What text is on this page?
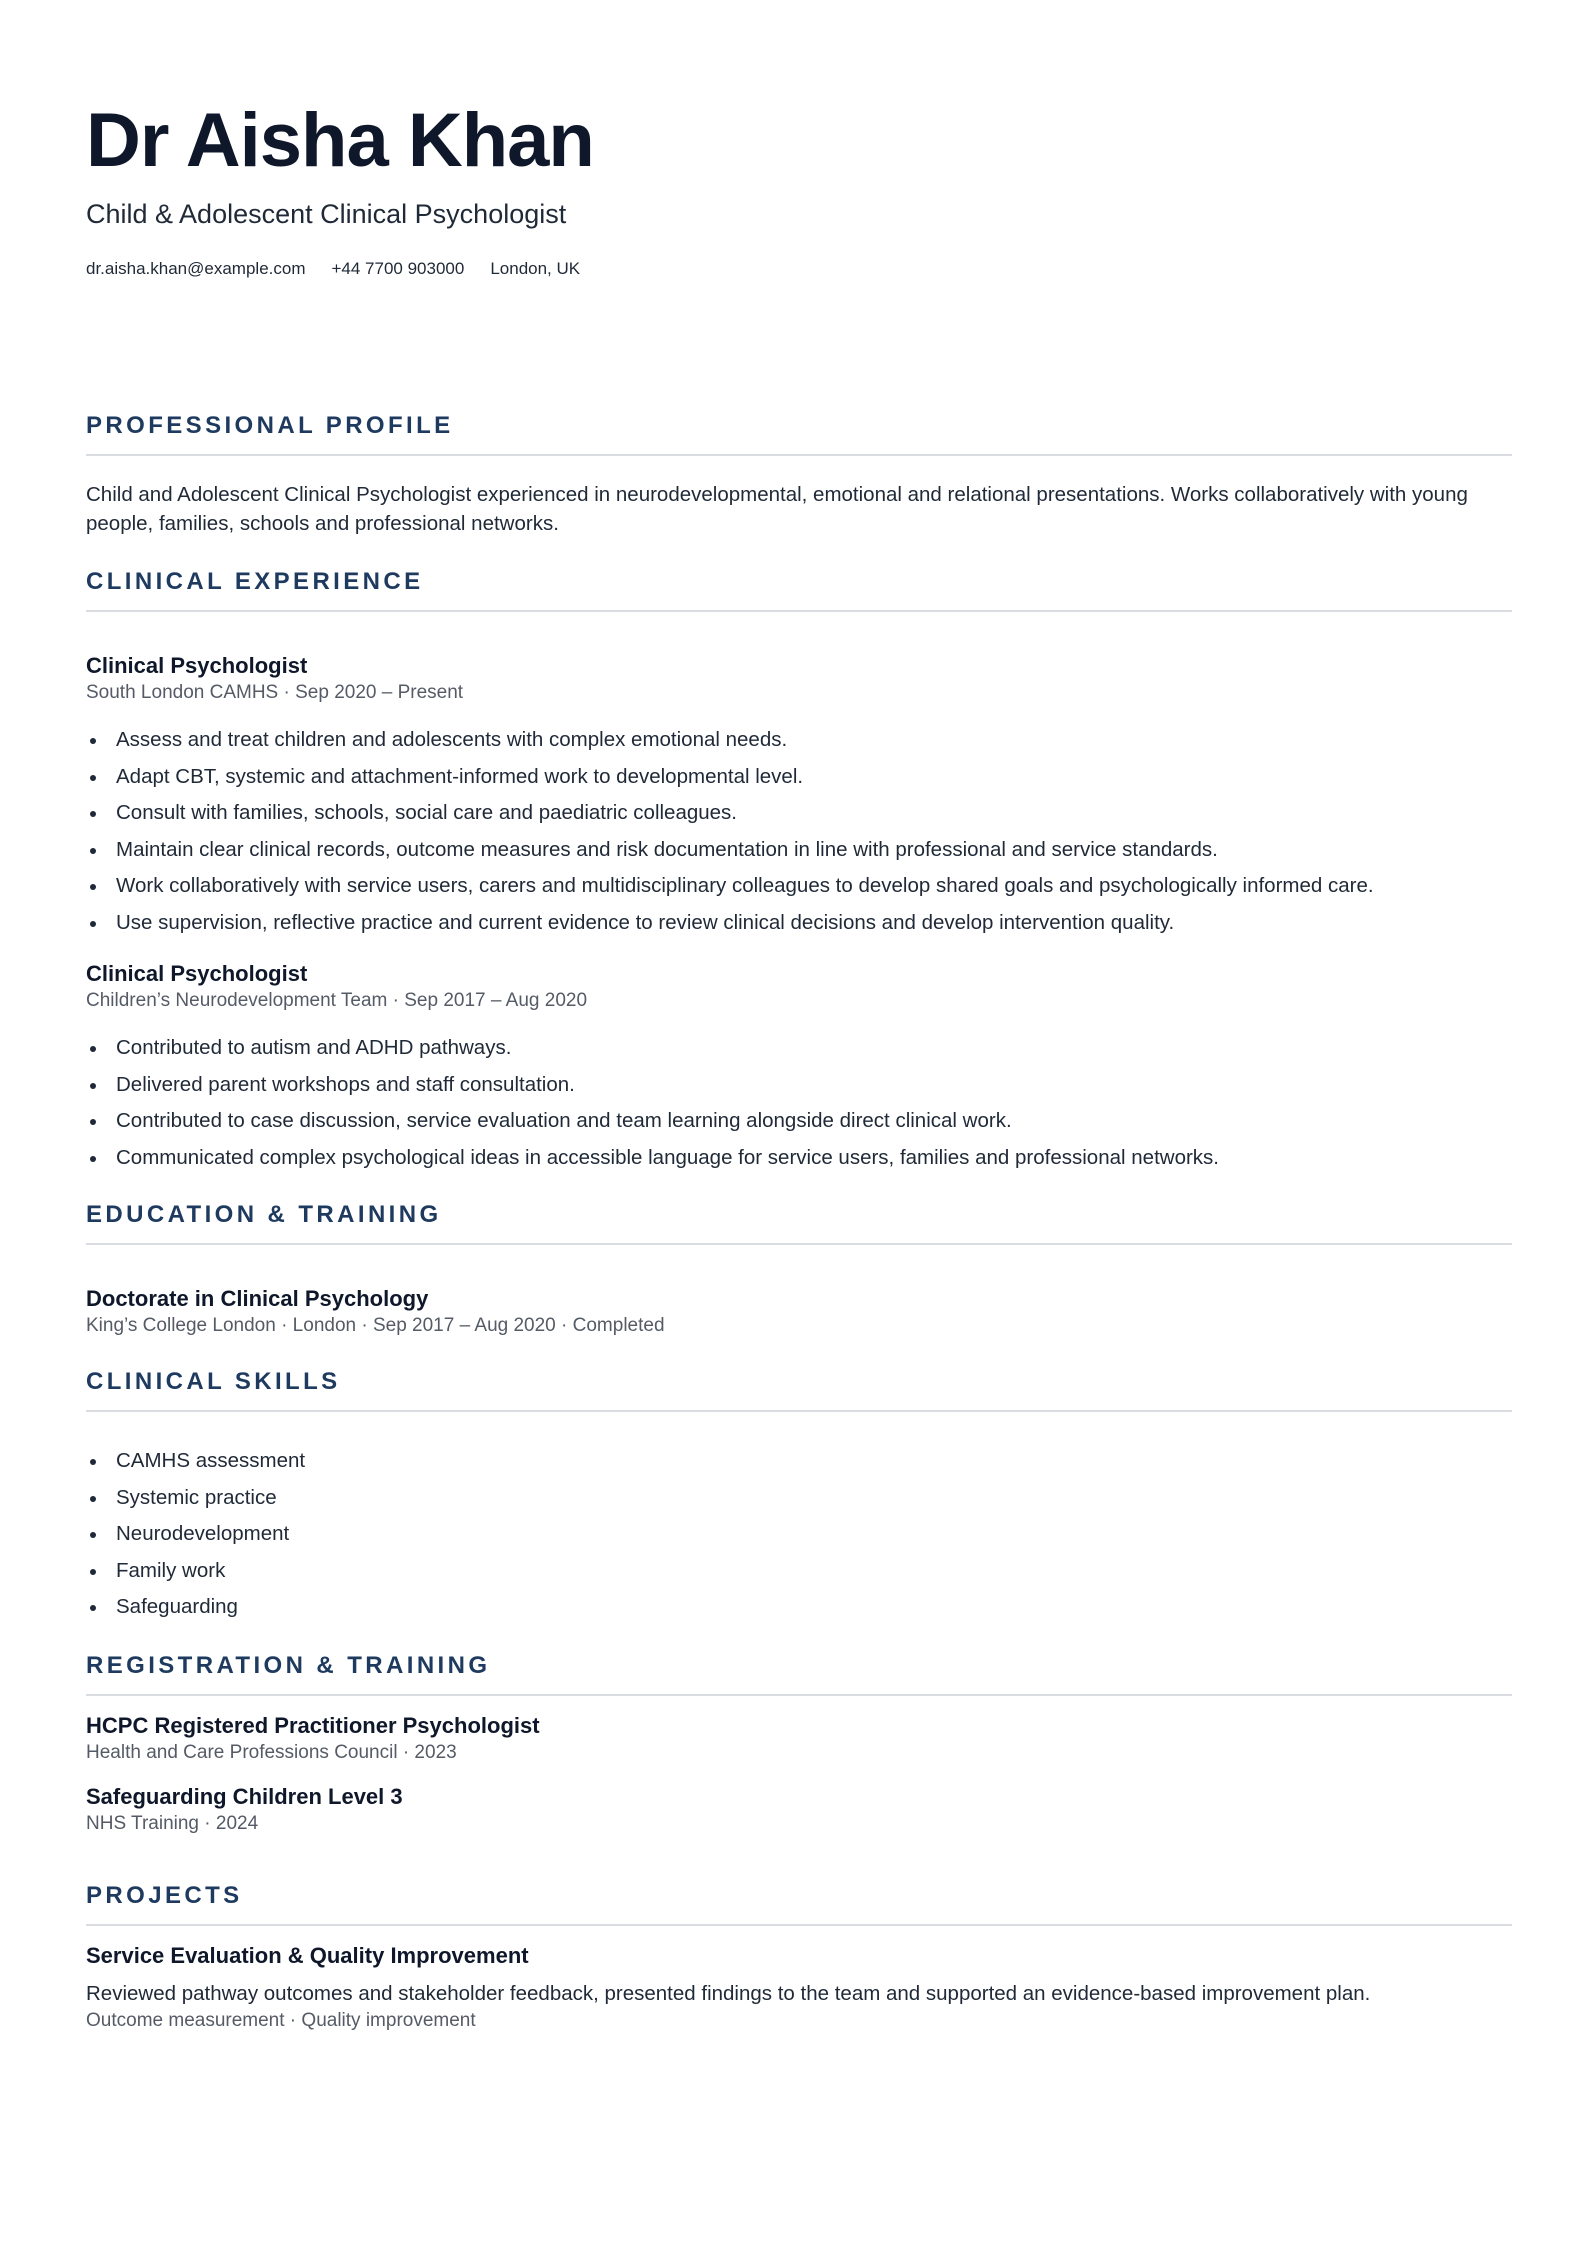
Dr Aisha Khan
Child & Adolescent Clinical Psychologist
dr.aisha.khan@example.com +44 7700 903000 London, UK
PROFESSIONAL PROFILE
Child and Adolescent Clinical Psychologist experienced in neurodevelopmental, emotional and relational presentations. Works collaboratively with young people, families, schools and professional networks.
CLINICAL EXPERIENCE
Clinical Psychologist
South London CAMHS · Sep 2020 – Present
Assess and treat children and adolescents with complex emotional needs.
Adapt CBT, systemic and attachment-informed work to developmental level.
Consult with families, schools, social care and paediatric colleagues.
Maintain clear clinical records, outcome measures and risk documentation in line with professional and service standards.
Work collaboratively with service users, carers and multidisciplinary colleagues to develop shared goals and psychologically informed care.
Use supervision, reflective practice and current evidence to review clinical decisions and develop intervention quality.
Clinical Psychologist
Children’s Neurodevelopment Team · Sep 2017 – Aug 2020
Contributed to autism and ADHD pathways.
Delivered parent workshops and staff consultation.
Contributed to case discussion, service evaluation and team learning alongside direct clinical work.
Communicated complex psychological ideas in accessible language for service users, families and professional networks.
EDUCATION & TRAINING
Doctorate in Clinical Psychology
King’s College London · London · Sep 2017 – Aug 2020 · Completed
CLINICAL SKILLS
CAMHS assessment
Systemic practice
Neurodevelopment
Family work
Safeguarding
REGISTRATION & TRAINING
HCPC Registered Practitioner Psychologist
Health and Care Professions Council · 2023
Safeguarding Children Level 3
NHS Training · 2024
PROJECTS
Service Evaluation & Quality Improvement
Reviewed pathway outcomes and stakeholder feedback, presented findings to the team and supported an evidence-based improvement plan.
Outcome measurement · Quality improvement
